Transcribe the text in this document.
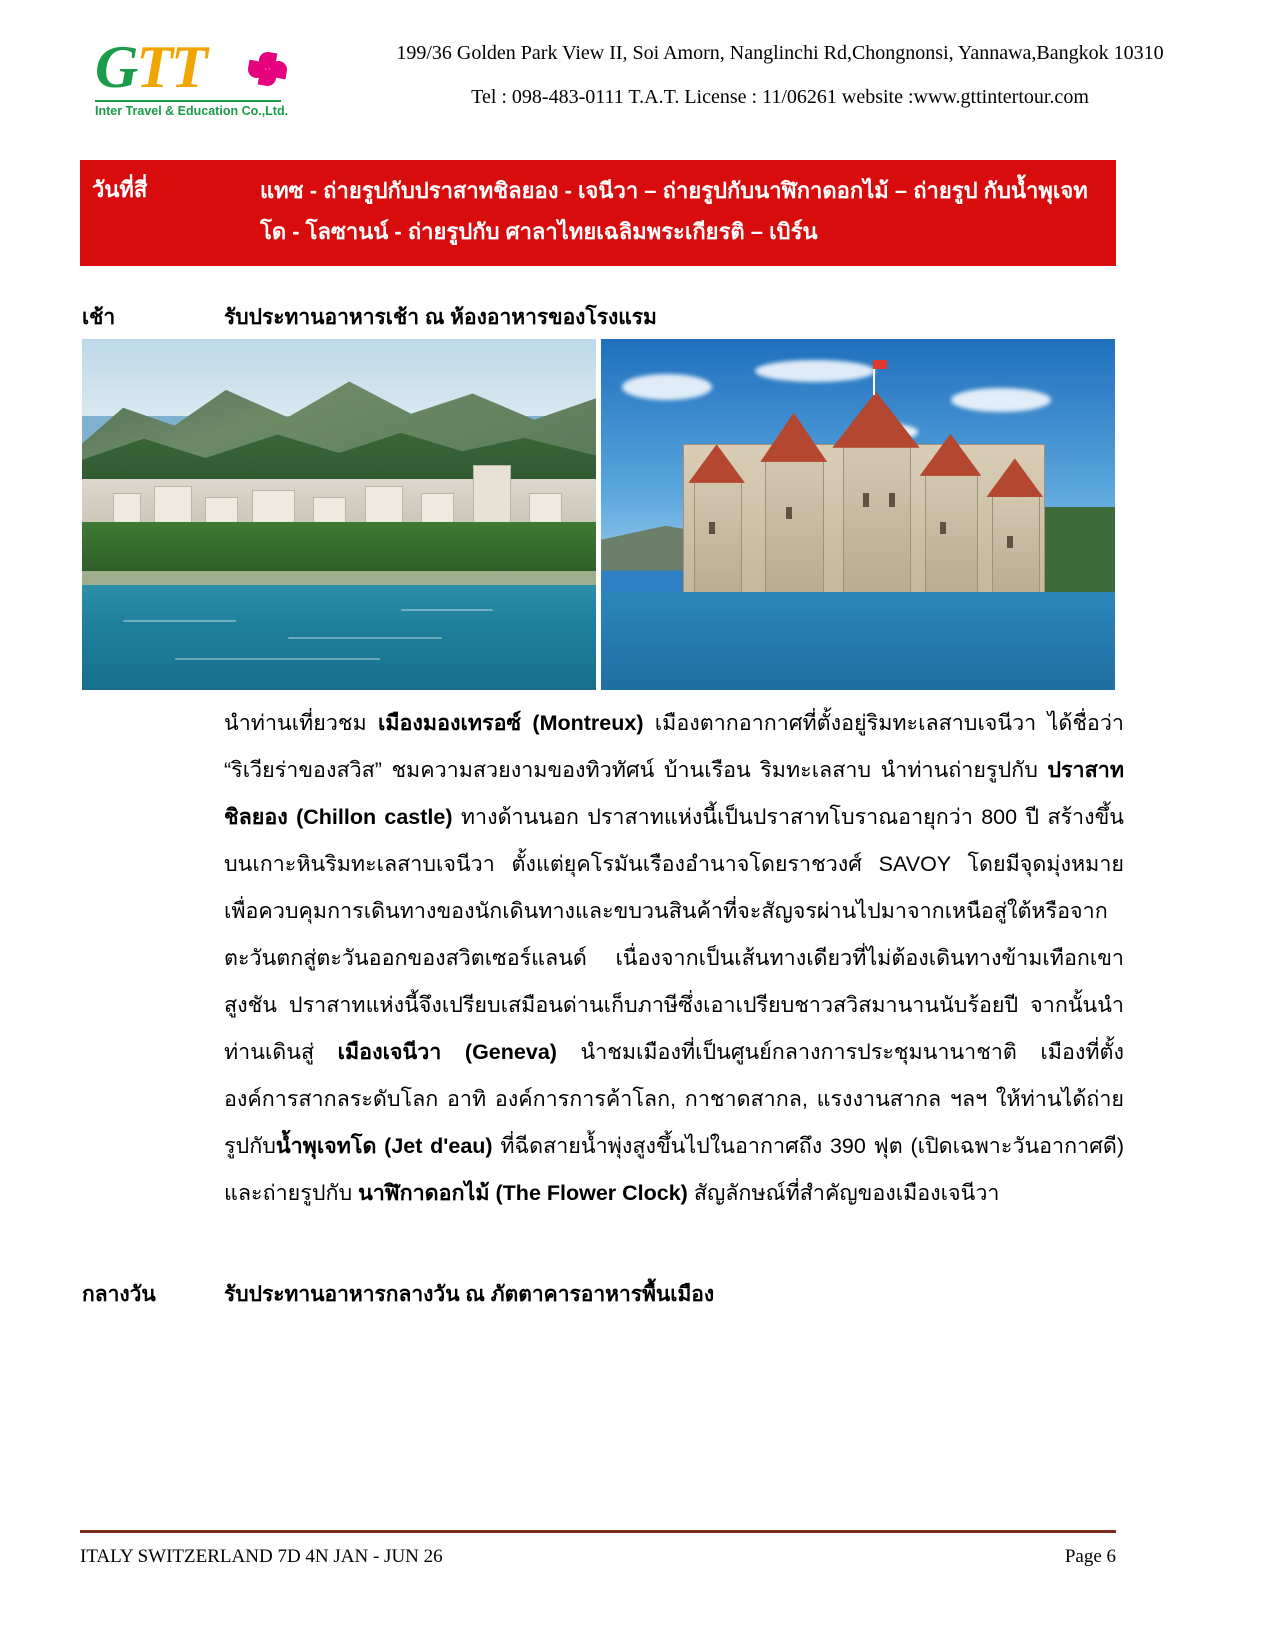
GTT
Inter Travel & Education Co.,Ltd.
199/36 Golden Park View II, Soi Amorn, Nanglinchi Rd,Chongnonsi, Yannawa,Bangkok 10310
Tel : 098-483-0111 T.A.T. License : 11/06261 website :www.gttintertour.com
วันที่สี่	แทซ - ถ่ายรูปกับปราสาทชิลยอง - เจนีวา – ถ่ายรูปกับนาฬิกาดอกไม้ – ถ่ายรูป กับน้ำพุเจทโด - โลซานน์ - ถ่ายรูปกับ ศาลาไทยเฉลิมพระเกียรติ – เบิร์น
เช้า	รับประทานอาหารเช้า ณ ห้องอาหารของโรงแรม
นำท่านเที่ยวชม เมืองมองเทรอซ์ (Montreux) เมืองตากอากาศที่ตั้งอยู่ริมทะเลสาบเจนีวา ได้ชื่อว่า “ริเวียร่าของสวิส” ชมความสวยงามของทิวทัศน์ บ้านเรือน ริมทะเลสาบ นำท่านถ่ายรูปกับ ปราสาทชิลยอง (Chillon castle) ทางด้านนอก ปราสาทแห่งนี้เป็นปราสาทโบราณอายุกว่า 800 ปี สร้างขึ้นบนเกาะหินริมทะเลสาบเจนีวา ตั้งแต่ยุคโรมันเรืองอำนาจโดยราชวงศ์ SAVOY โดยมีจุดมุ่งหมายเพื่อควบคุมการเดินทางของนักเดินทางและขบวนสินค้าที่จะสัญจรผ่านไปมาจากเหนือสู่ใต้หรือจากตะวันตกสู่ตะวันออกของสวิตเซอร์แลนด์ เนื่องจากเป็นเส้นทางเดียวที่ไม่ต้องเดินทางข้ามเทือกเขาสูงชัน ปราสาทแห่งนี้จึงเปรียบเสมือนด่านเก็บภาษีซึ่งเอาเปรียบชาวสวิสมานานนับร้อยปี จากนั้นนำท่านเดินสู่ เมืองเจนีวา (Geneva) นำชมเมืองที่เป็นศูนย์กลางการประชุมนานาชาติ เมืองที่ตั้งองค์การสากลระดับโลก อาทิ องค์การการค้าโลก, กาชาดสากล, แรงงานสากล ฯลฯ ให้ท่านได้ถ่ายรูปกับน้ำพุเจทโด (Jet d'eau) ที่ฉีดสายน้ำพุ่งสูงขึ้นไปในอากาศถึง 390 ฟุต (เปิดเฉพาะวันอากาศดี) และถ่ายรูปกับ นาฬิกาดอกไม้ (The Flower Clock) สัญลักษณ์ที่สำคัญของเมืองเจนีวา
กลางวัน	รับประทานอาหารกลางวัน ณ ภัตตาคารอาหารพื้นเมือง
ITALY SWITZERLAND 7D 4N JAN - JUN 26	Page 6
